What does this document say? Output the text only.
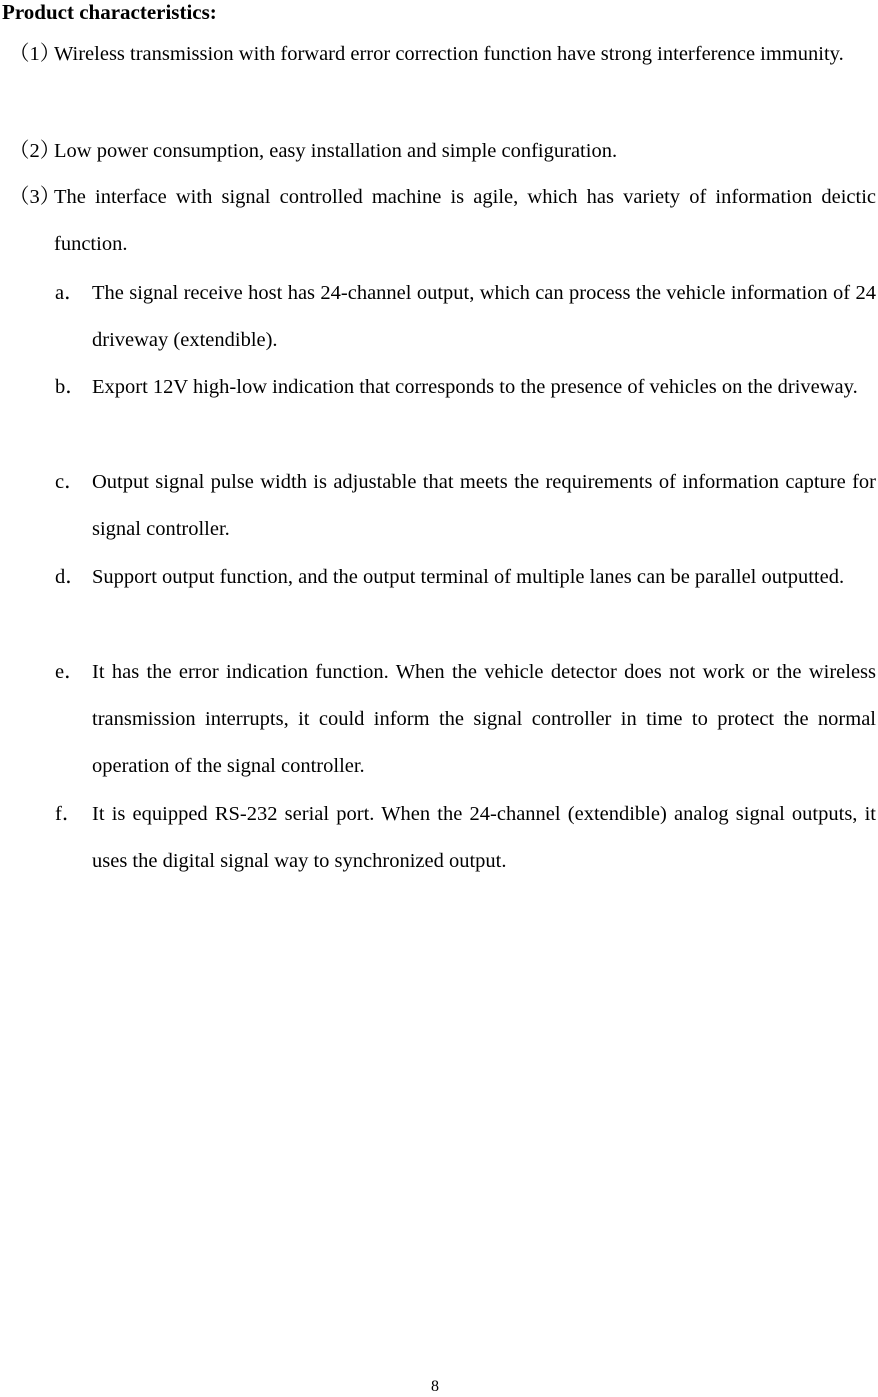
Product characteristics:
（1）
Wireless transmission with forward error correction function have strong interference immunity.
（2）
Low power consumption, easy installation and simple configuration.
（3）
The interface with signal controlled machine is agile, which has variety of information deictic function.
a． The signal receive host has 24-channel output, which can process the vehicle information of 24 driveway (extendible).
b． Export 12V high-low indication that corresponds to the presence of vehicles on the driveway.
c． Output signal pulse width is adjustable that meets the requirements of information capture for signal controller.
d． Support output function, and the output terminal of multiple lanes can be parallel outputted.
e． It has the error indication function. When the vehicle detector does not work or the wireless transmission interrupts, it could inform the signal controller in time to protect the normal operation of the signal controller.
f． It is equipped RS-232 serial port. When the 24-channel (extendible) analog signal outputs, it uses the digital signal way to synchronized output.
8
